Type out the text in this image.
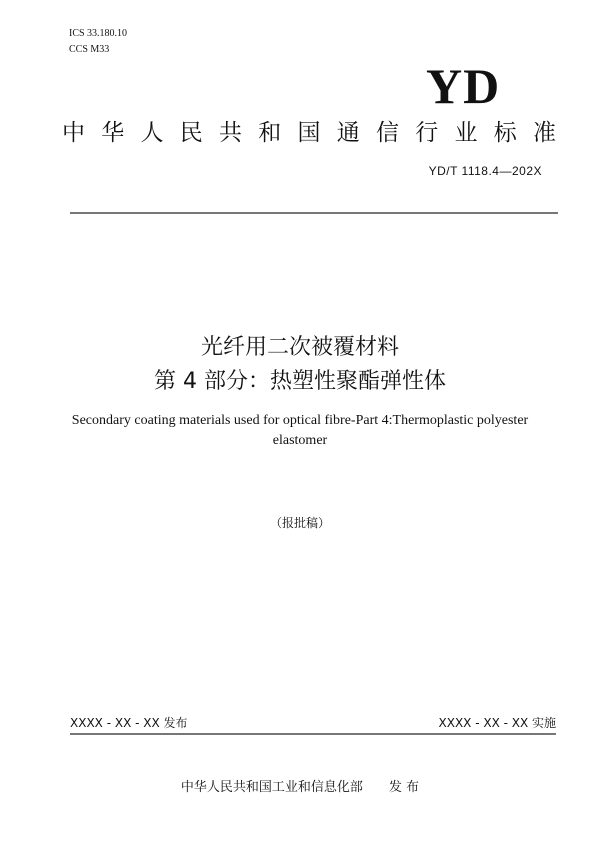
ICS 33.180.10
CCS M33
YD
中 华 人 民 共 和 国 通 信 行 业 标 准
YD/T 1118.4—202X
光纤用二次被覆材料
第 4 部分：热塑性聚酯弹性体
Secondary coating materials used for optical fibre-Part 4:Thermoplastic polyester
elastomer
（报批稿）
XXXX - XX - XX 发布	XXXX - XX - XX 实施
中华人民共和国工业和信息化部　　发 布
